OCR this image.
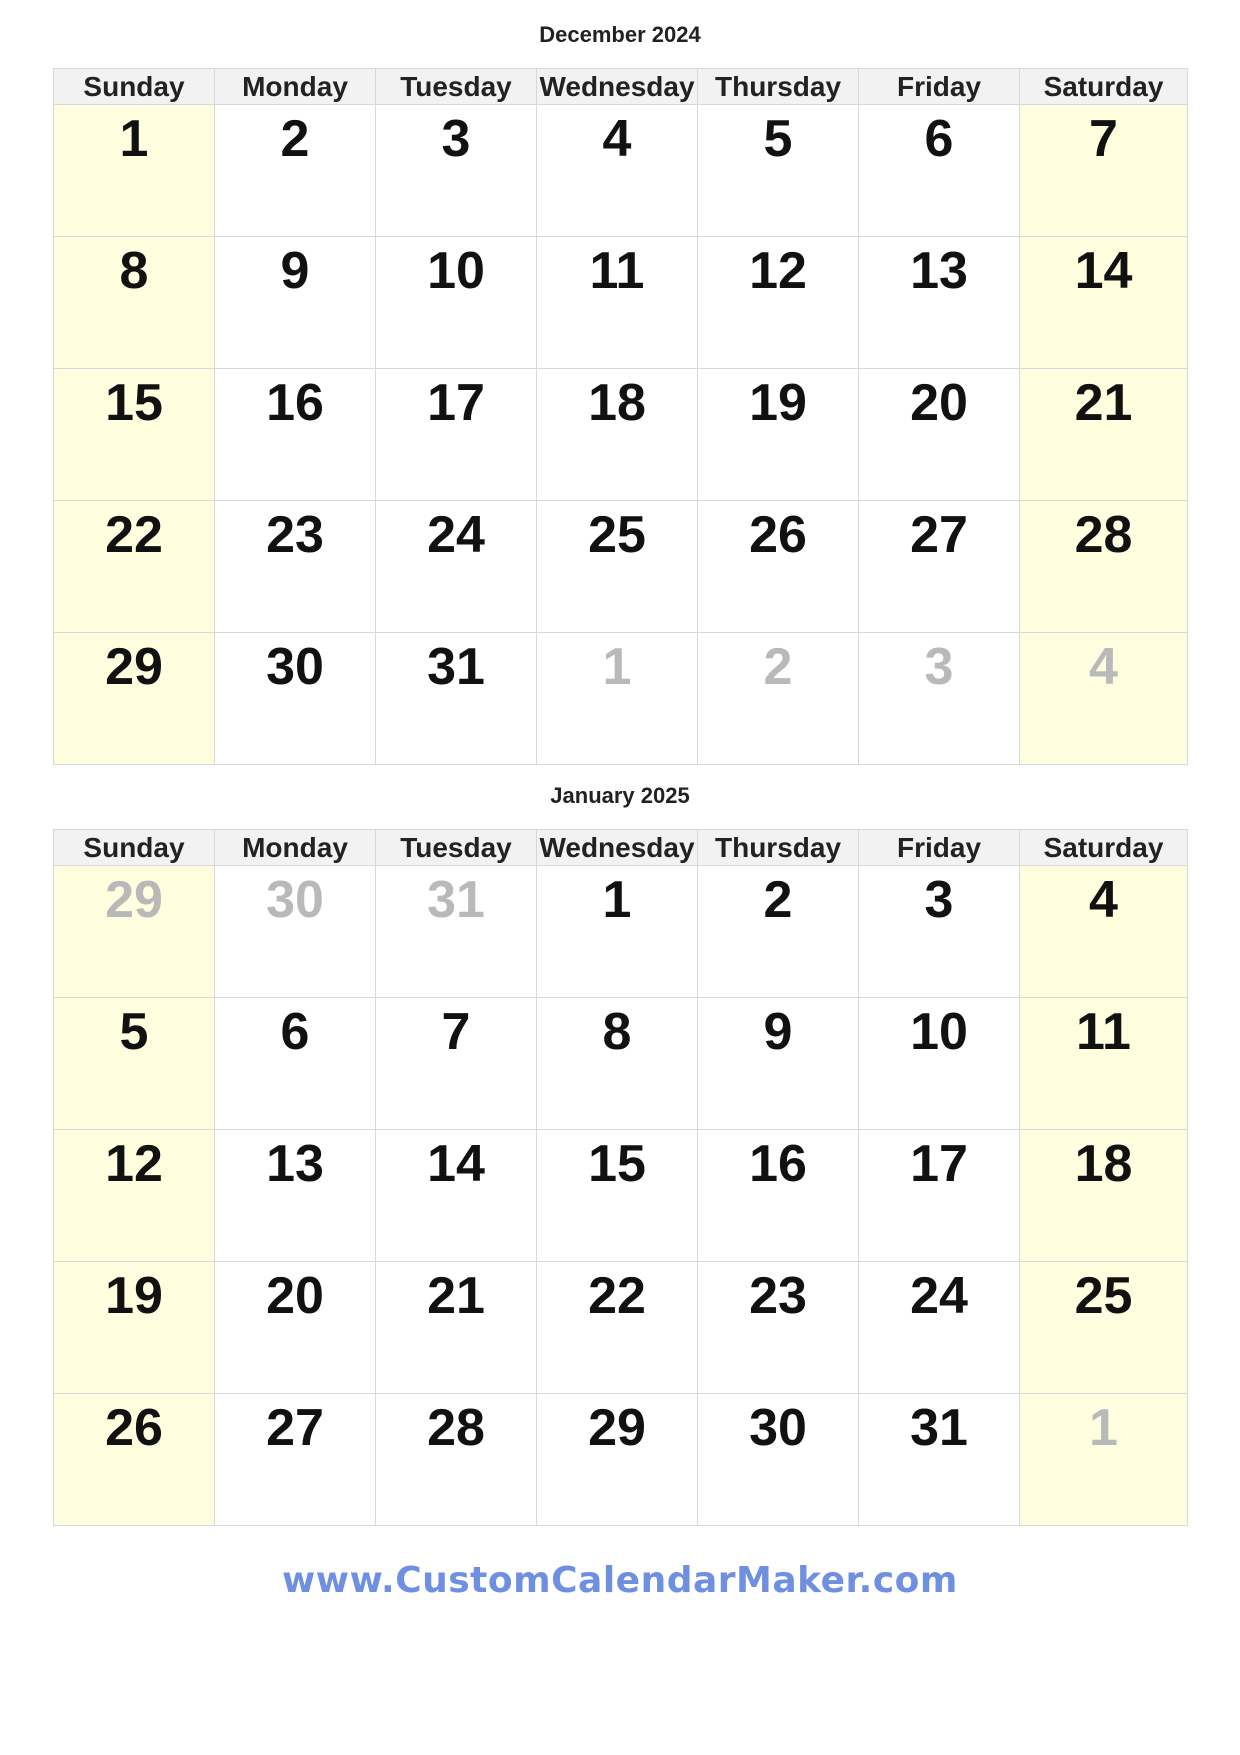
December 2024
Sunday	Monday	Tuesday Wednesday Thursday	Friday	Saturday
1	2	3	4	5	6	7
8	9	10	11	12	13	14
15	16	17	18	19	20	21
22	23	24	25	26	27	28
29	30	31	1	2	3	4
January 2025
Sunday	Monday	Tuesday Wednesday Thursday	Friday	Saturday
29	30	31	1	2	3	4
5	6	7	8	9	10	11
12	13	14	15	16	17	18
19	20	21	22	23	24	25
26	27	28	29	30	31	1
www.CustomCalendarMaker.com
